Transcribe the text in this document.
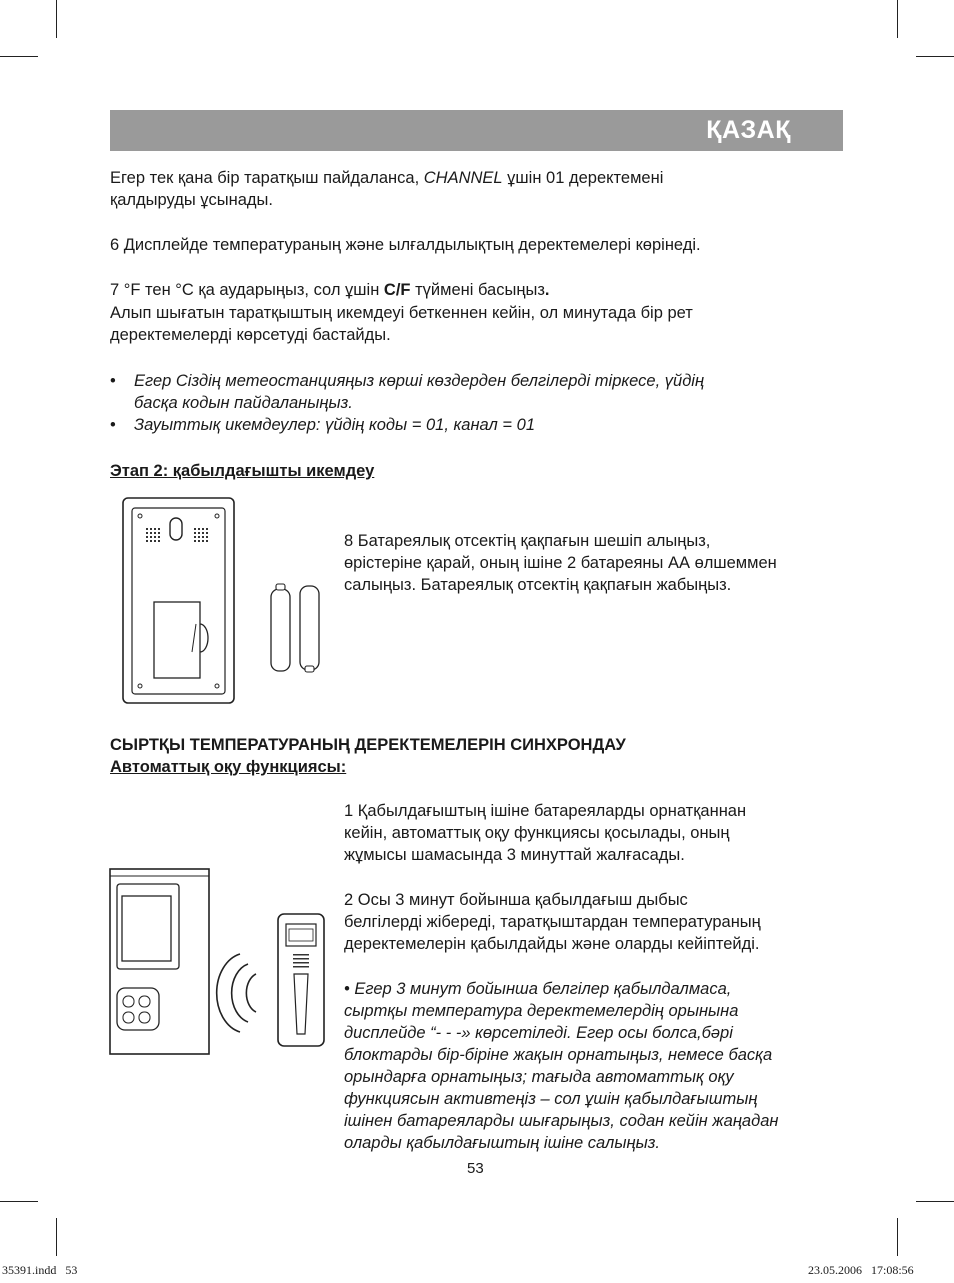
ҚАЗАҚ
Егер тек қана бір таратқыш пайдаланса, CHANNEL ұшін 01 деректемені
қалдыруды ұсынады.
6 Дисплейде температураның және ылғалдылықтың деректемелері көрінеді.
7 °F тен °C қа аударыңыз, сол ұшін C/F түймені басыңыз.
Алып шығатын таратқыштың икемдеуі беткеннен кейін, ол минутада бір рет
деректемелерді көрсетуді бастайды.
• Егер Сіздің метеостанцияңыз көрші көздерден белгілерді тіркесе, үйдің
басқа кодын пайдаланыңыз.
• Зауыттық икемдеулер: үйдің коды = 01, канал = 01
Этап 2: қабылдағышты икемдеу
8 Батареялық отсектің қақпағын шешіп алыңыз,
өрістеріне қарай, оның ішіне 2 батареяны АА өлшеммен
салыңыз. Батареялық отсектің қақпағын жабыңыз.
СЫРТҚЫ ТЕМПЕРАТУРАНЫҢ ДЕРЕКТЕМЕЛЕРІН СИНХРОНДАУ
Автоматтық оқу функциясы:
1 Қабылдағыштың ішіне батареяларды орнатқаннан
кейін, автоматтық оқу функциясы қосылады, оның
жұмысы шамасында 3 минуттай жалғасады.
2 Осы 3 минут бойынша қабылдағыш дыбыс
белгілерді жібереді, таратқыштардан температураның
деректемелерін қабылдайды және оларды кейіптейді.
• Егер 3 минут бойынша белгілер қабылдалмаса,
сыртқы температура деректемелердің орынына
дисплейде “- - -» көрсетіледі. Егер осы болса,бәрі
блоктарды бір-біріне жақын орнатыңыз, немесе басқа
орындарға орнатыңыз; тағыда автоматтық оқу
функциясын активтеңіз – сол ұшін қабылдағыштың
ішінен батареяларды шығарыңыз, содан кейін жаңадан
оларды қабылдағыштың ішіне салыңыз.
53
35391.indd   53	23.05.2006   17:08:56
